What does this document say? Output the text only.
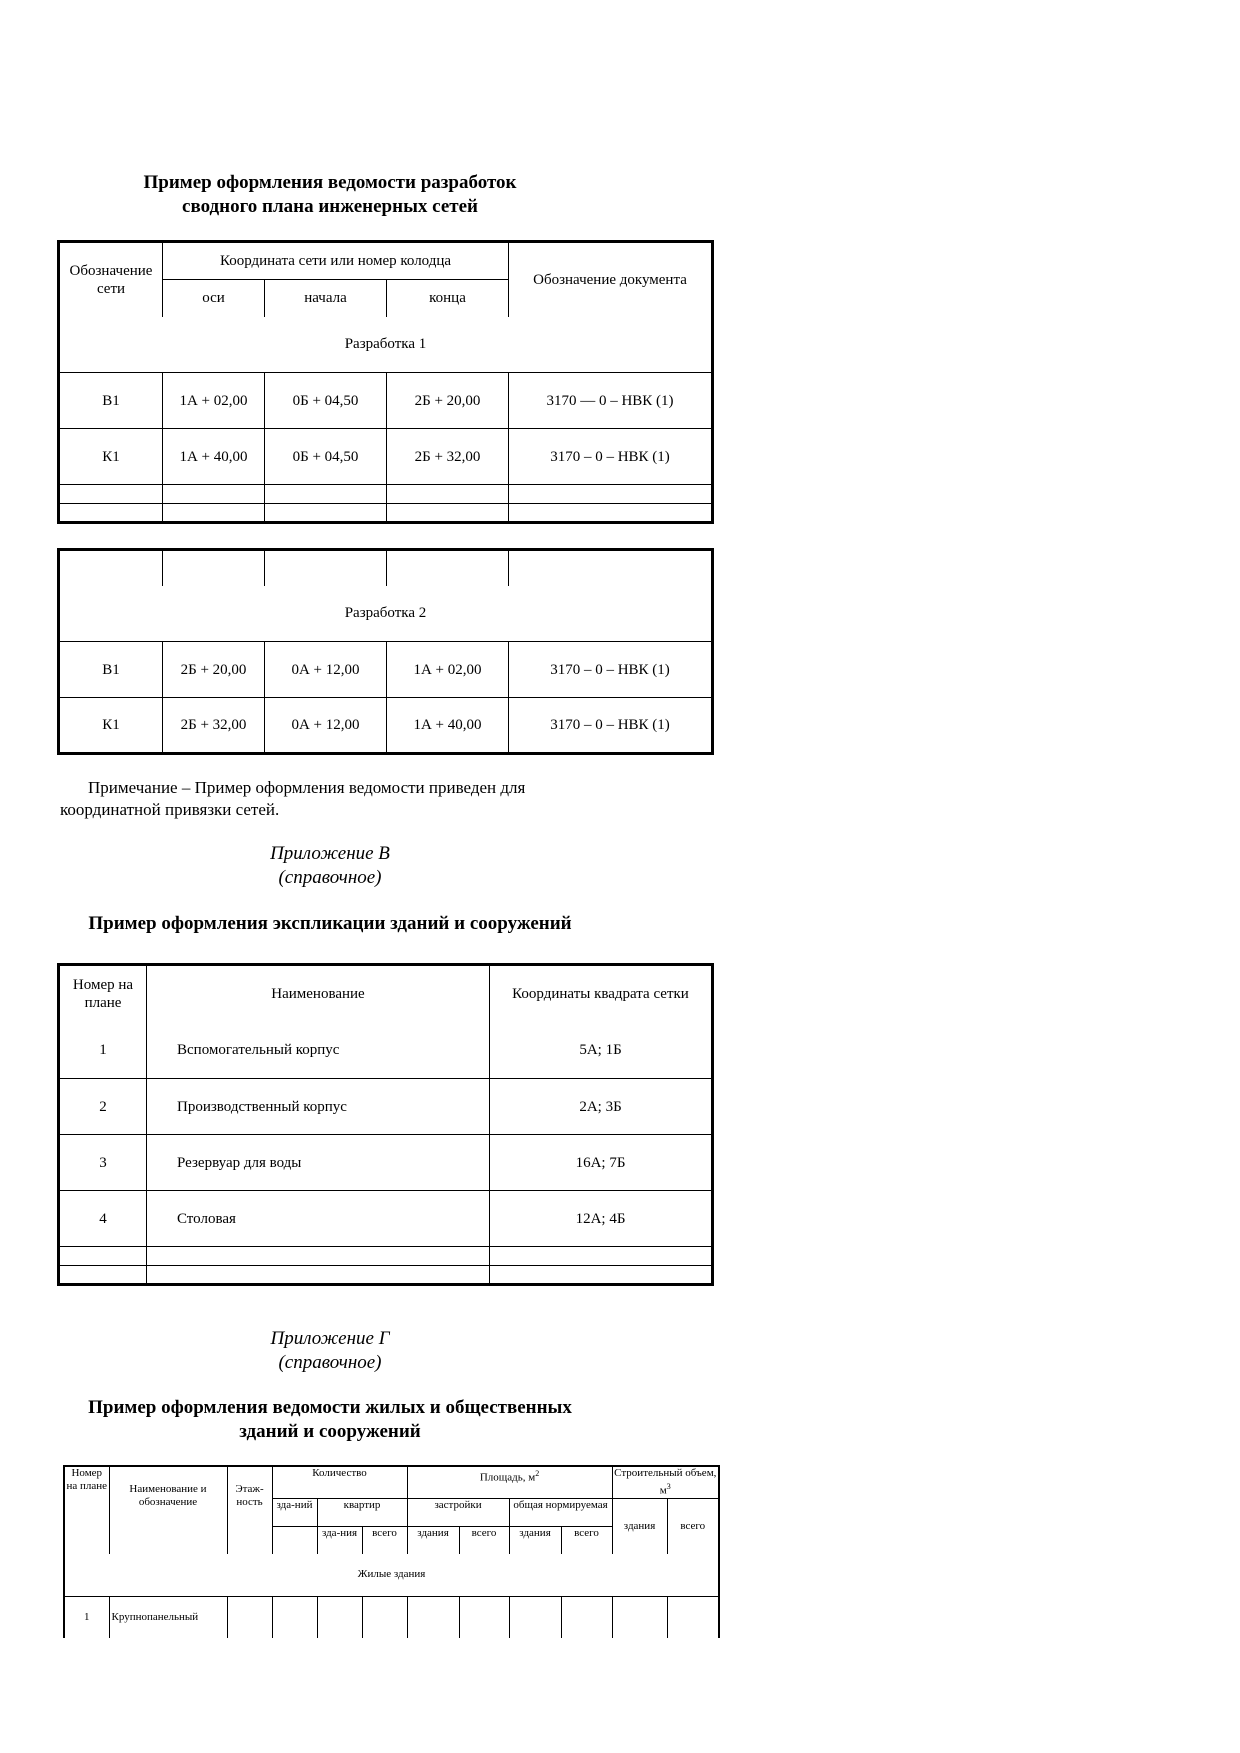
Пример оформления ведомости разработок
сводного плана инженерных сетей
Обозначение сети	Координата сети или номер колодца			Обозначение документа
	оси	начала	конца	
Разработка 1				
В1	1А + 02,00	0Б + 04,50	2Б + 20,00	3170 — 0 – НВК (1)
К1	1А + 40,00	0Б + 04,50	2Б + 32,00	3170 – 0 – НВК (1)

Разработка 2				
В1	2Б + 20,00	0А + 12,00	1А + 02,00	3170 – 0 – НВК (1)
К1	2Б + 32,00	0А + 12,00	1А + 40,00	3170 – 0 – НВК (1)
Примечание – Пример оформления ведомости приведен для
координатной привязки сетей.
Приложение В
(справочное)
Пример оформления экспликации зданий и сооружений
Номер на плане	Наименование	Координаты квадрата сетки
1	Вспомогательный корпус	5А; 1Б
2	Производственный корпус	2А; 3Б
3	Резервуар для воды	16А; 7Б
4	Столовая	12А; 4Б

Приложение Г
(справочное)
Пример оформления ведомости жилых и общественных
зданий и сооружений
Номер на плане	Наименование и обозначение	Этаж-ность	Количество			Площадь, $м^2$				Строительный объем, $м^3$
			зда-ний	квартир		застройки		общая нормируемая		здания	всего
				зда-ния	всего	здания	всего	здания	всего		
Жилые здания											
1	Крупнопанельный										
